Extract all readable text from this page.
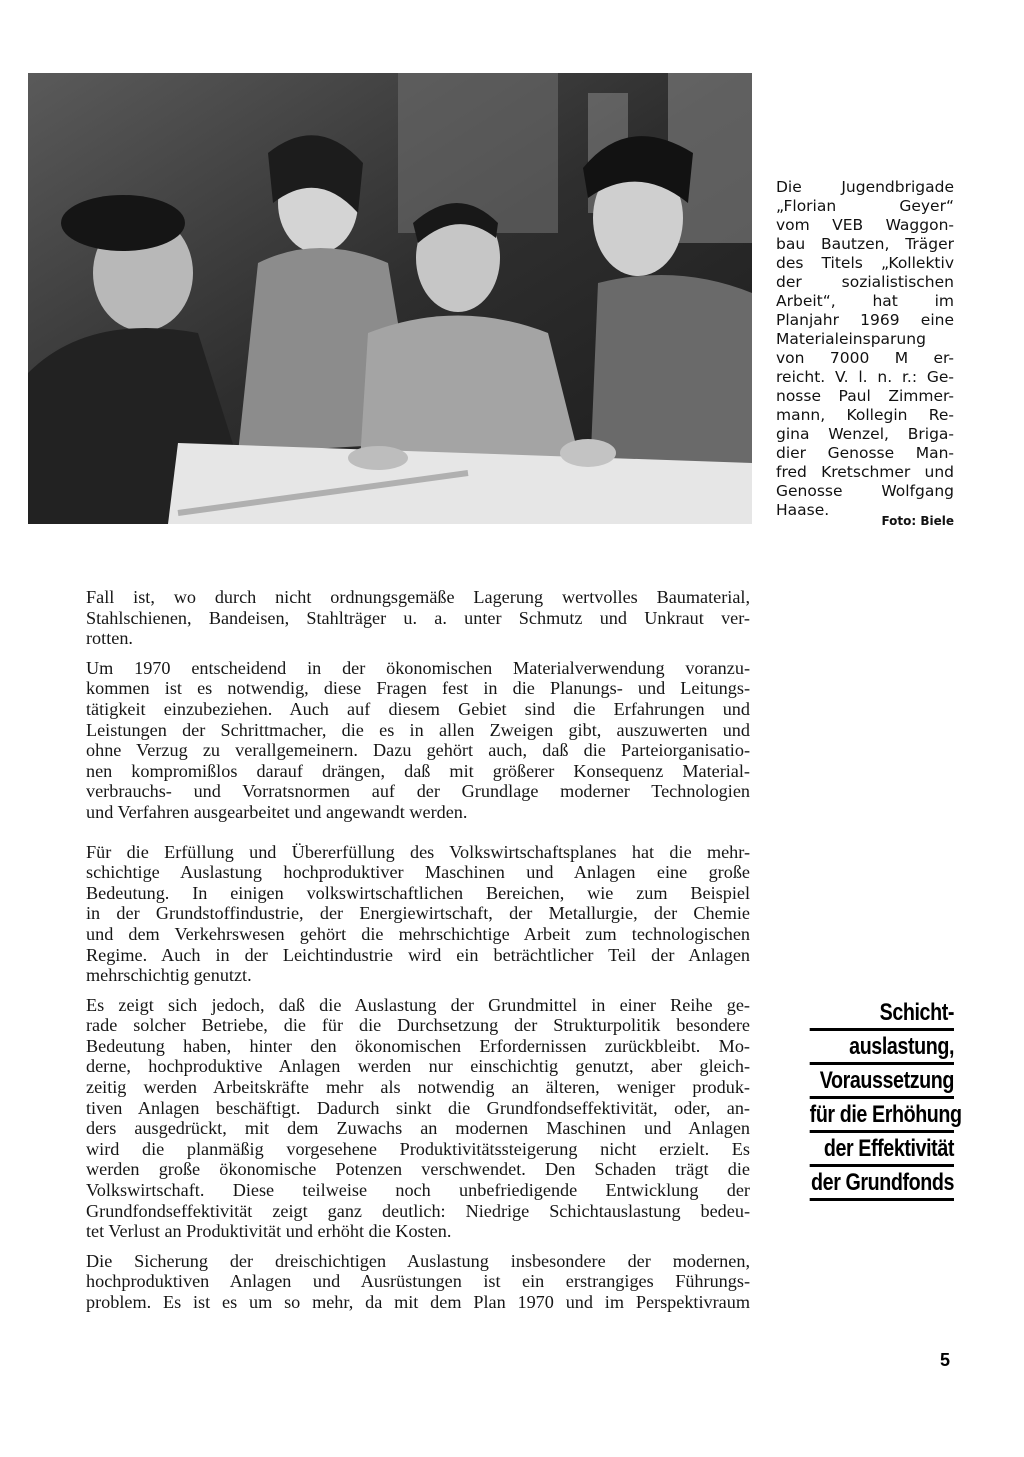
Die Jugendbrigade
„Florian Geyer“
vom VEB Waggon-
bau Bautzen, Träger
des Titels „Kollektiv
der sozialistischen
Arbeit“, hat im
Planjahr 1969 eine
Materialeinsparung
von 7000 M er-
reicht. V. l. n. r.: Ge-
nosse Paul Zimmer-
mann, Kollegin Re-
gina Wenzel, Briga-
dier Genosse Man-
fred Kretschmer und
Genosse Wolfgang
Haase.
Foto: Biele
Fall ist, wo durch nicht ordnungsgemäße Lagerung wertvolles Baumaterial,
Stahlschienen, Bandeisen, Stahlträger u. a. unter Schmutz und Unkraut ver-
rotten.
Um 1970 entscheidend in der ökonomischen Materialverwendung voranzu-
kommen ist es notwendig, diese Fragen fest in die Planungs- und Leitungs-
tätigkeit einzubeziehen. Auch auf diesem Gebiet sind die Erfahrungen und
Leistungen der Schrittmacher, die es in allen Zweigen gibt, auszuwerten und
ohne Verzug zu verallgemeinern. Dazu gehört auch, daß die Parteiorganisatio-
nen kompromißlos darauf drängen, daß mit größerer Konsequenz Material-
verbrauchs- und Vorratsnormen auf der Grundlage moderner Technologien
und Verfahren ausgearbeitet und angewandt werden.
Für die Erfüllung und Übererfüllung des Volkswirtschaftsplanes hat die mehr-
schichtige Auslastung hochproduktiver Maschinen und Anlagen eine große
Bedeutung. In einigen volkswirtschaftlichen Bereichen, wie zum Beispiel
in der Grundstoffindustrie, der Energiewirtschaft, der Metallurgie, der Chemie
und dem Verkehrswesen gehört die mehrschichtige Arbeit zum technologischen
Regime. Auch in der Leichtindustrie wird ein beträchtlicher Teil der Anlagen
mehrschichtig genutzt.
Es zeigt sich jedoch, daß die Auslastung der Grundmittel in einer Reihe ge-
rade solcher Betriebe, die für die Durchsetzung der Strukturpolitik besondere
Bedeutung haben, hinter den ökonomischen Erfordernissen zurückbleibt. Mo-
derne, hochproduktive Anlagen werden nur einschichtig genutzt, aber gleich-
zeitig werden Arbeitskräfte mehr als notwendig an älteren, weniger produk-
tiven Anlagen beschäftigt. Dadurch sinkt die Grundfondseffektivität, oder, an-
ders ausgedrückt, mit dem Zuwachs an modernen Maschinen und Anlagen
wird die planmäßig vorgesehene Produktivitätssteigerung nicht erzielt. Es
werden große ökonomische Potenzen verschwendet. Den Schaden trägt die
Volkswirtschaft. Diese teilweise noch unbefriedigende Entwicklung der
Grundfondseffektivität zeigt ganz deutlich: Niedrige Schichtauslastung bedeu-
tet Verlust an Produktivität und erhöht die Kosten.
Die Sicherung der dreischichtigen Auslastung insbesondere der modernen,
hochproduktiven Anlagen und Ausrüstungen ist ein erstrangiges Führungs-
problem. Es ist es um so mehr, da mit dem Plan 1970 und im Perspektivraum
Schicht-
auslastung,
Voraussetzung
für die Erhöhung
der Effektivität
der Grundfonds
5
